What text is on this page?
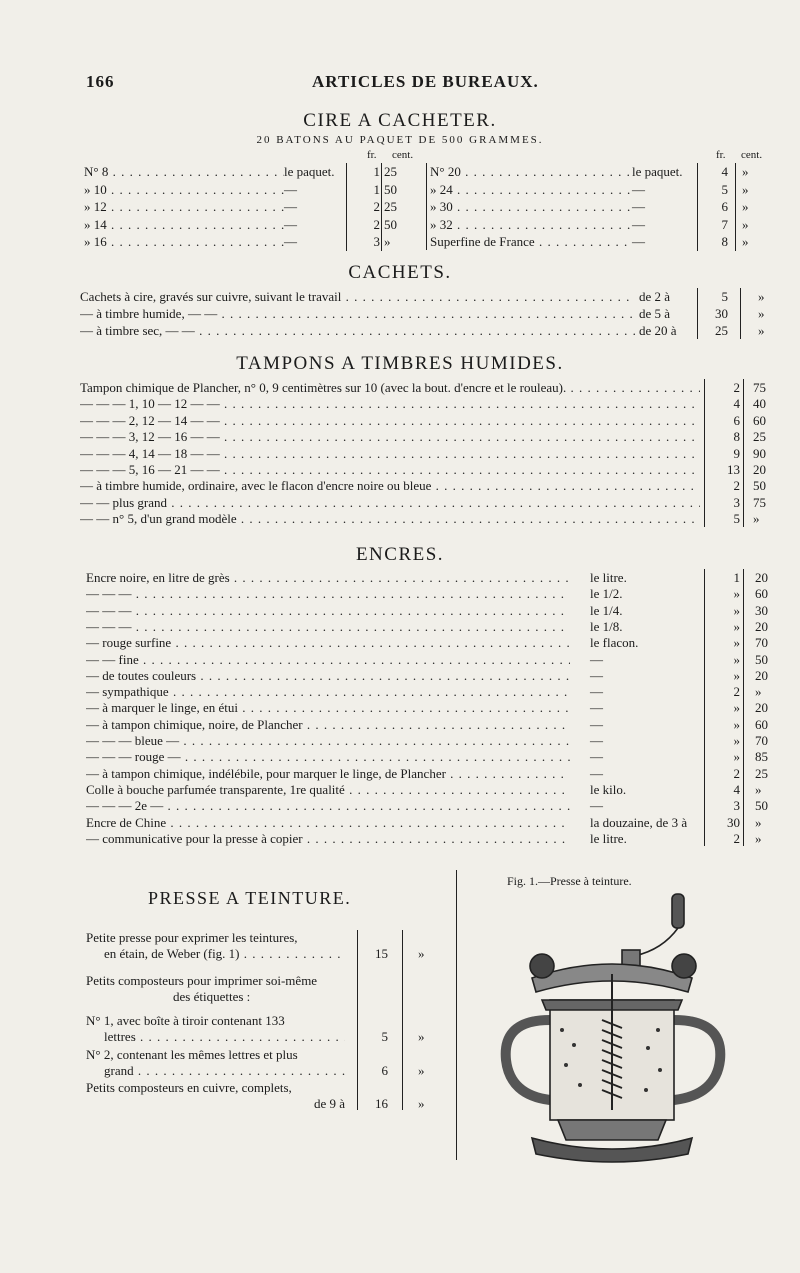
166	ARTICLES DE BUREAUX.
CIRE A CACHETER.
20 BATONS AU PAQUET DE 500 GRAMMES.
fr. cent.	fr. cent.
N° 8 . . .	le paquet.	1 25
» 10 . . .	—	1 50
» 12 . . .	—	2 25
» 14 . . .	—	2 50
» 16 . . .	—	3 »
N° 20 . . .	le paquet.	4 »
» 24 . . .	—	5 »
» 30 . . .	—	6 »
» 32 . . .	—	7 »
Superfine de France . . .	—	8 »
CACHETS.
Cachets à cire, gravés sur cuivre, suivant le travail . . .	de 2 à	5 »
— à timbre humide, — — . . .	de 5 à	30 »
— à timbre sec, — — . . .	de 20 à	25 »
TAMPONS A TIMBRES HUMIDES.
Tampon chimique de Plancher, n° 0, 9 centimètres sur 10 (avec la bout. d'encre et le rouleau). . . .	2 75
— — — 1, 10 — 12 — — . . .	4 40
— — — 2, 12 — 14 — — . . .	6 60
— — — 3, 12 — 16 — — . . .	8 25
— — — 4, 14 — 18 — — . . .	9 90
— — — 5, 16 — 21 — — . . .	13 20
— à timbre humide, ordinaire, avec le flacon d'encre noire ou bleue . . .	2 50
— — plus grand . . .	3 75
— — n° 5, d'un grand modèle . . .	5 »
ENCRES.
Encre noire, en litre de grès . . .	le litre.	1 20
— — — . . .	le 1/2.	» 60
— — — . . .	le 1/4.	» 30
— — — . . .	le 1/8.	» 20
— rouge surfine . . .	le flacon.	» 70
— — fine . . .	—	» 50
— de toutes couleurs . . .	—	» 20
— sympathique . . .	—	2 »
— à marquer le linge, en étui . . .	—	» 20
— à tampon chimique, noire, de Plancher . . .	—	» 60
— — — bleue — . . .	—	» 70
— — — rouge — . . .	—	» 85
— à tampon chimique, indélébile, pour marquer le linge, de Plancher . . .	—	2 25
Colle à bouche parfumée transparente, 1re qualité . . .	le kilo.	4 »
— — — 2e — . . .	—	3 50
Encre de Chine . . .	la douzaine, de 3 à	30 »
— communicative pour la presse à copier . . .	le litre.	2 »
PRESSE A TEINTURE.
Petite presse pour exprimer les teintures,
en étain, de Weber (fig. 1) . . .	15 »
Petits composteurs pour imprimer soi-même
des étiquettes :
N° 1, avec boîte à tiroir contenant 133
lettres . . .	5 »
N° 2, contenant les mêmes lettres et plus
grand . . .	6 »
Petits composteurs en cuivre, complets,
de 9 à	16 »
Fig. 1.—Presse à teinture.
